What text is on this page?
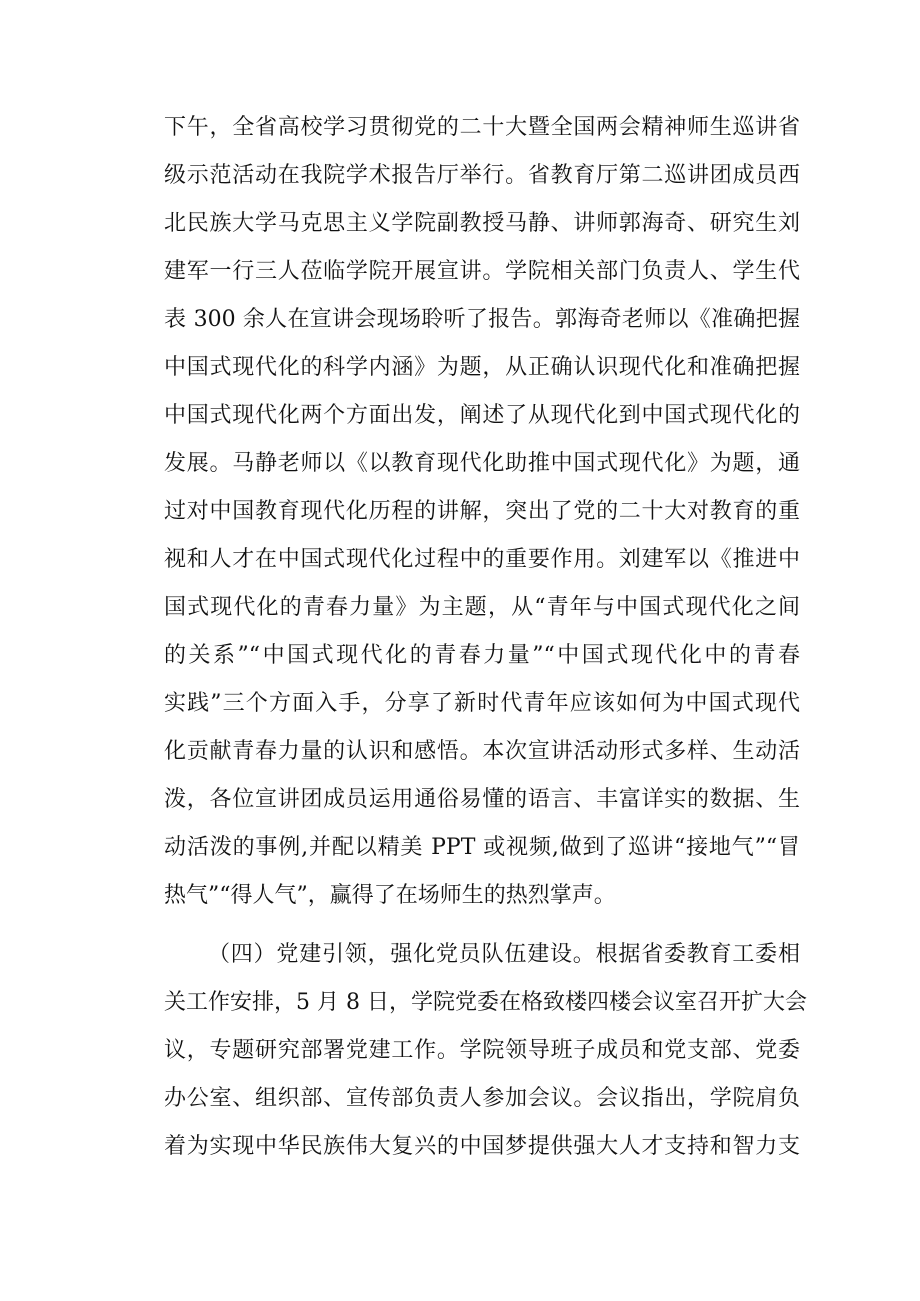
下午，全省高校学习贯彻党的二十大暨全国两会精神师生巡讲省
级示范活动在我院学术报告厅举行。省教育厅第二巡讲团成员西
北民族大学马克思主义学院副教授马静、讲师郭海奇、研究生刘
建军一行三人莅临学院开展宣讲。学院相关部门负责人、学生代
表 300 余人在宣讲会现场聆听了报告。郭海奇老师以《准确把握
中国式现代化的科学内涵》为题，从正确认识现代化和准确把握
中国式现代化两个方面出发，阐述了从现代化到中国式现代化的
发展。马静老师以《以教育现代化助推中国式现代化》为题，通
过对中国教育现代化历程的讲解，突出了党的二十大对教育的重
视和人才在中国式现代化过程中的重要作用。刘建军以《推进中
国式现代化的青春力量》为主题，从“青年与中国式现代化之间
的关系”“中国式现代化的青春力量”“中国式现代化中的青春
实践”三个方面入手，分享了新时代青年应该如何为中国式现代
化贡献青春力量的认识和感悟。本次宣讲活动形式多样、生动活
泼，各位宣讲团成员运用通俗易懂的语言、丰富详实的数据、生
动活泼的事例,并配以精美 PPT 或视频,做到了巡讲“接地气”“冒
热气”“得人气”，赢得了在场师生的热烈掌声。
（四）党建引领，强化党员队伍建设。根据省委教育工委相
关工作安排，5 月 8 日，学院党委在格致楼四楼会议室召开扩大会
议，专题研究部署党建工作。学院领导班子成员和党支部、党委
办公室、组织部、宣传部负责人参加会议。会议指出，学院肩负
着为实现中华民族伟大复兴的中国梦提供强大人才支持和智力支
